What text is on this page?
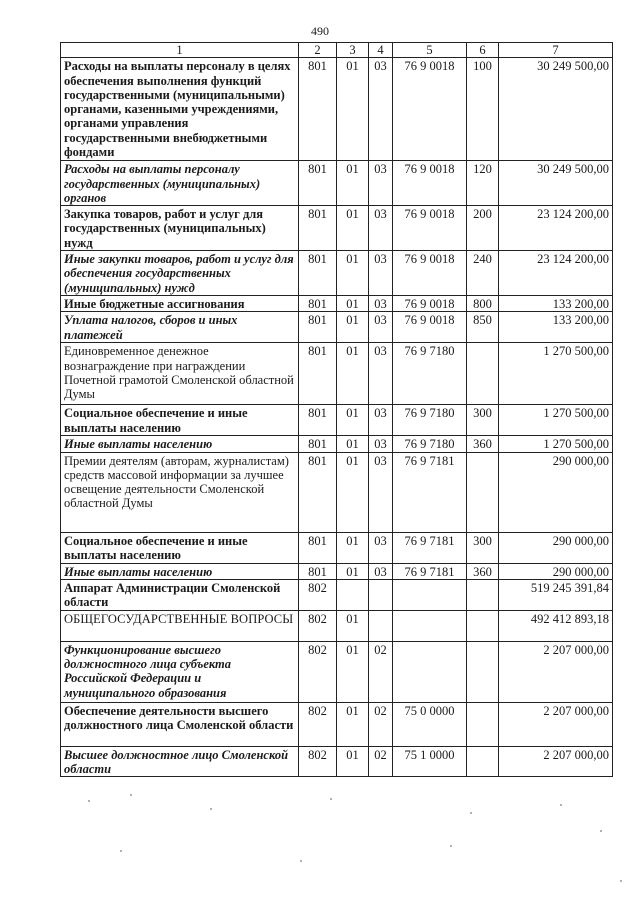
490
1	2	3	4	5	6	7
Расходы на выплаты персоналу в целях обеспечения выполнения функций государственными (муниципальными) органами, казенными учреждениями, органами управления государственными внебюджетными фондами	801	01	03	76 9 0018	100	30 249 500,00
Расходы на выплаты персоналу государственных (муниципальных) органов	801	01	03	76 9 0018	120	30 249 500,00
Закупка товаров, работ и услуг для государственных (муниципальных) нужд	801	01	03	76 9 0018	200	23 124 200,00
Иные закупки товаров, работ и услуг для обеспечения государственных (муниципальных) нужд	801	01	03	76 9 0018	240	23 124 200,00
Иные бюджетные ассигнования	801	01	03	76 9 0018	800	133 200,00
Уплата налогов, сборов и иных платежей	801	01	03	76 9 0018	850	133 200,00
Единовременное денежное вознаграждение при награждении Почетной грамотой Смоленской областной Думы	801	01	03	76 9 7180		1 270 500,00
Социальное обеспечение и иные выплаты населению	801	01	03	76 9 7180	300	1 270 500,00
Иные выплаты населению	801	01	03	76 9 7180	360	1 270 500,00
Премии деятелям (авторам, журналистам) средств массовой информации за лучшее освещение деятельности Смоленской областной Думы	801	01	03	76 9 7181		290 000,00
Социальное обеспечение и иные выплаты населению	801	01	03	76 9 7181	300	290 000,00
Иные выплаты населению	801	01	03	76 9 7181	360	290 000,00
Аппарат Администрации Смоленской области	802					519 245 391,84
ОБЩЕГОСУДАРСТВЕННЫЕ ВОПРОСЫ	802	01				492 412 893,18
Функционирование высшего должностного лица субъекта Российской Федерации и муниципального образования	802	01	02			2 207 000,00
Обеспечение деятельности высшего должностного лица Смоленской области	802	01	02	75 0 0000		2 207 000,00
Высшее должностное лицо Смоленской области	802	01	02	75 1 0000		2 207 000,00
